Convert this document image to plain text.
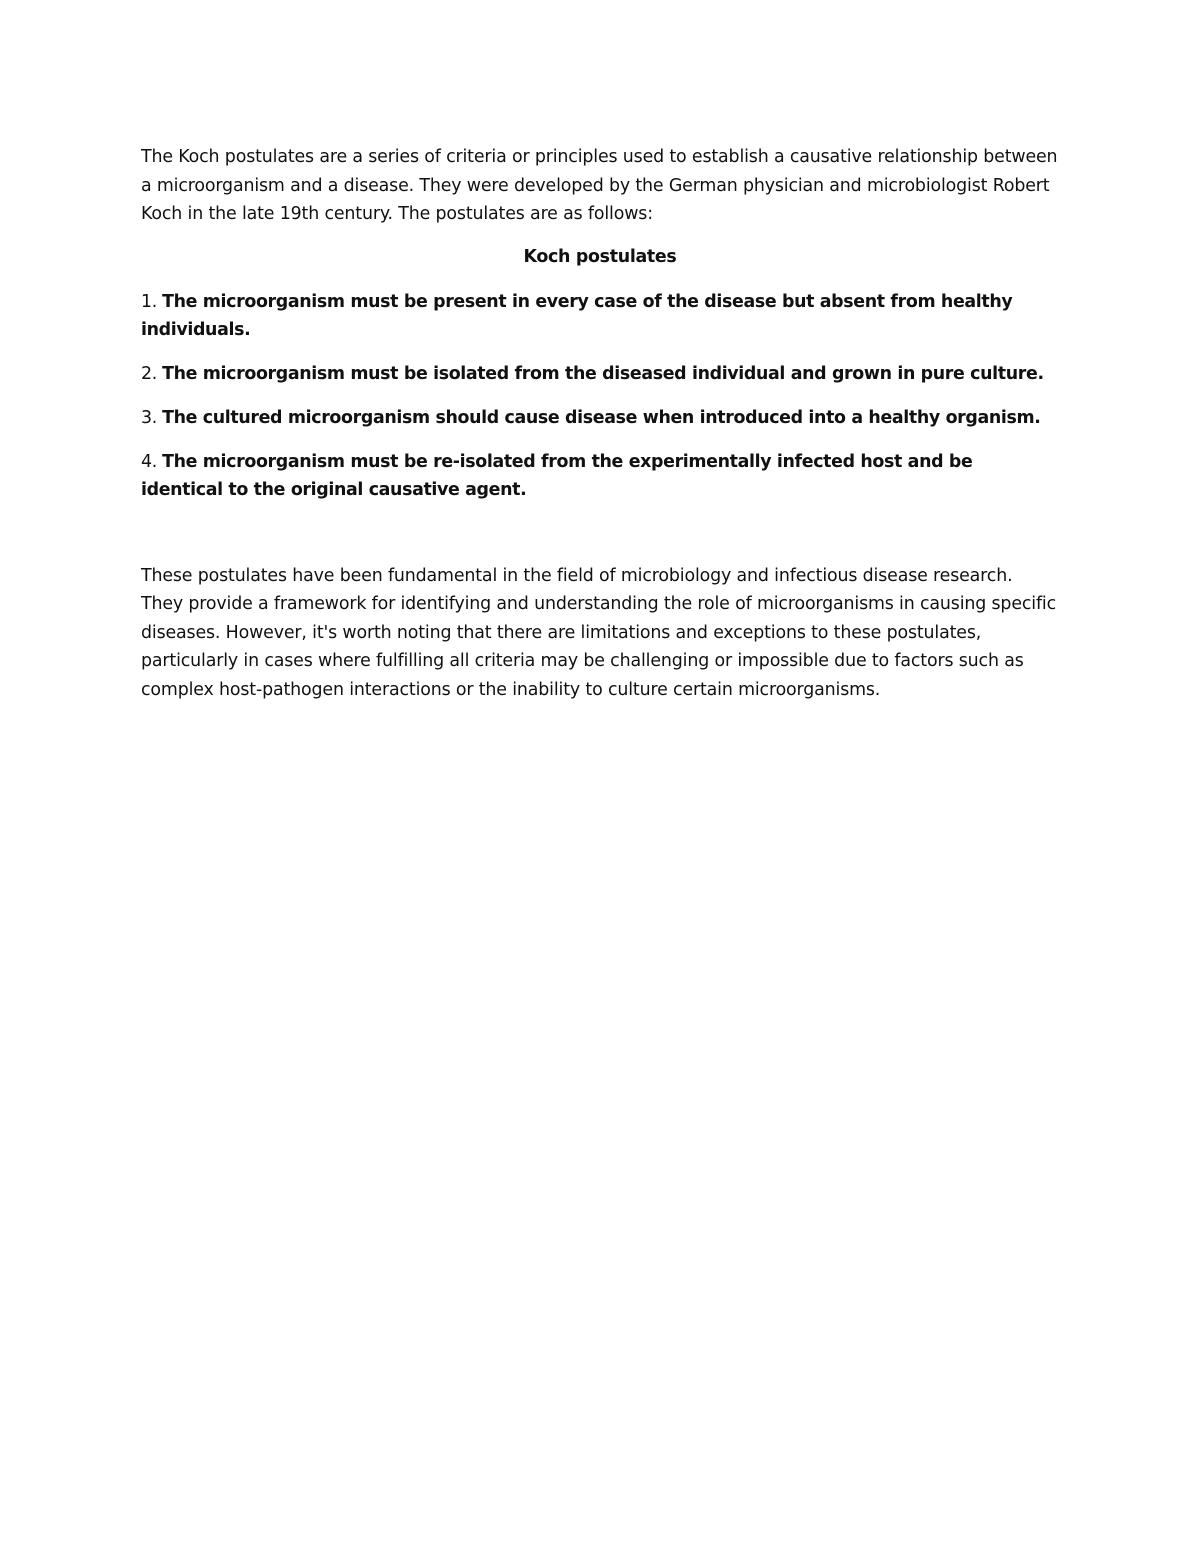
The Koch postulates are a series of criteria or principles used to establish a causative relationship between a microorganism and a disease. They were developed by the German physician and microbiologist Robert Koch in the late 19th century. The postulates are as follows:

Koch postulates

1. The microorganism must be present in every case of the disease but absent from healthy individuals.
2. The microorganism must be isolated from the diseased individual and grown in pure culture.
3. The cultured microorganism should cause disease when introduced into a healthy organism.
4. The microorganism must be re-isolated from the experimentally infected host and be identical to the original causative agent.

These postulates have been fundamental in the field of microbiology and infectious disease research. They provide a framework for identifying and understanding the role of microorganisms in causing specific diseases. However, it's worth noting that there are limitations and exceptions to these postulates, particularly in cases where fulfilling all criteria may be challenging or impossible due to factors such as complex host-pathogen interactions or the inability to culture certain microorganisms.
